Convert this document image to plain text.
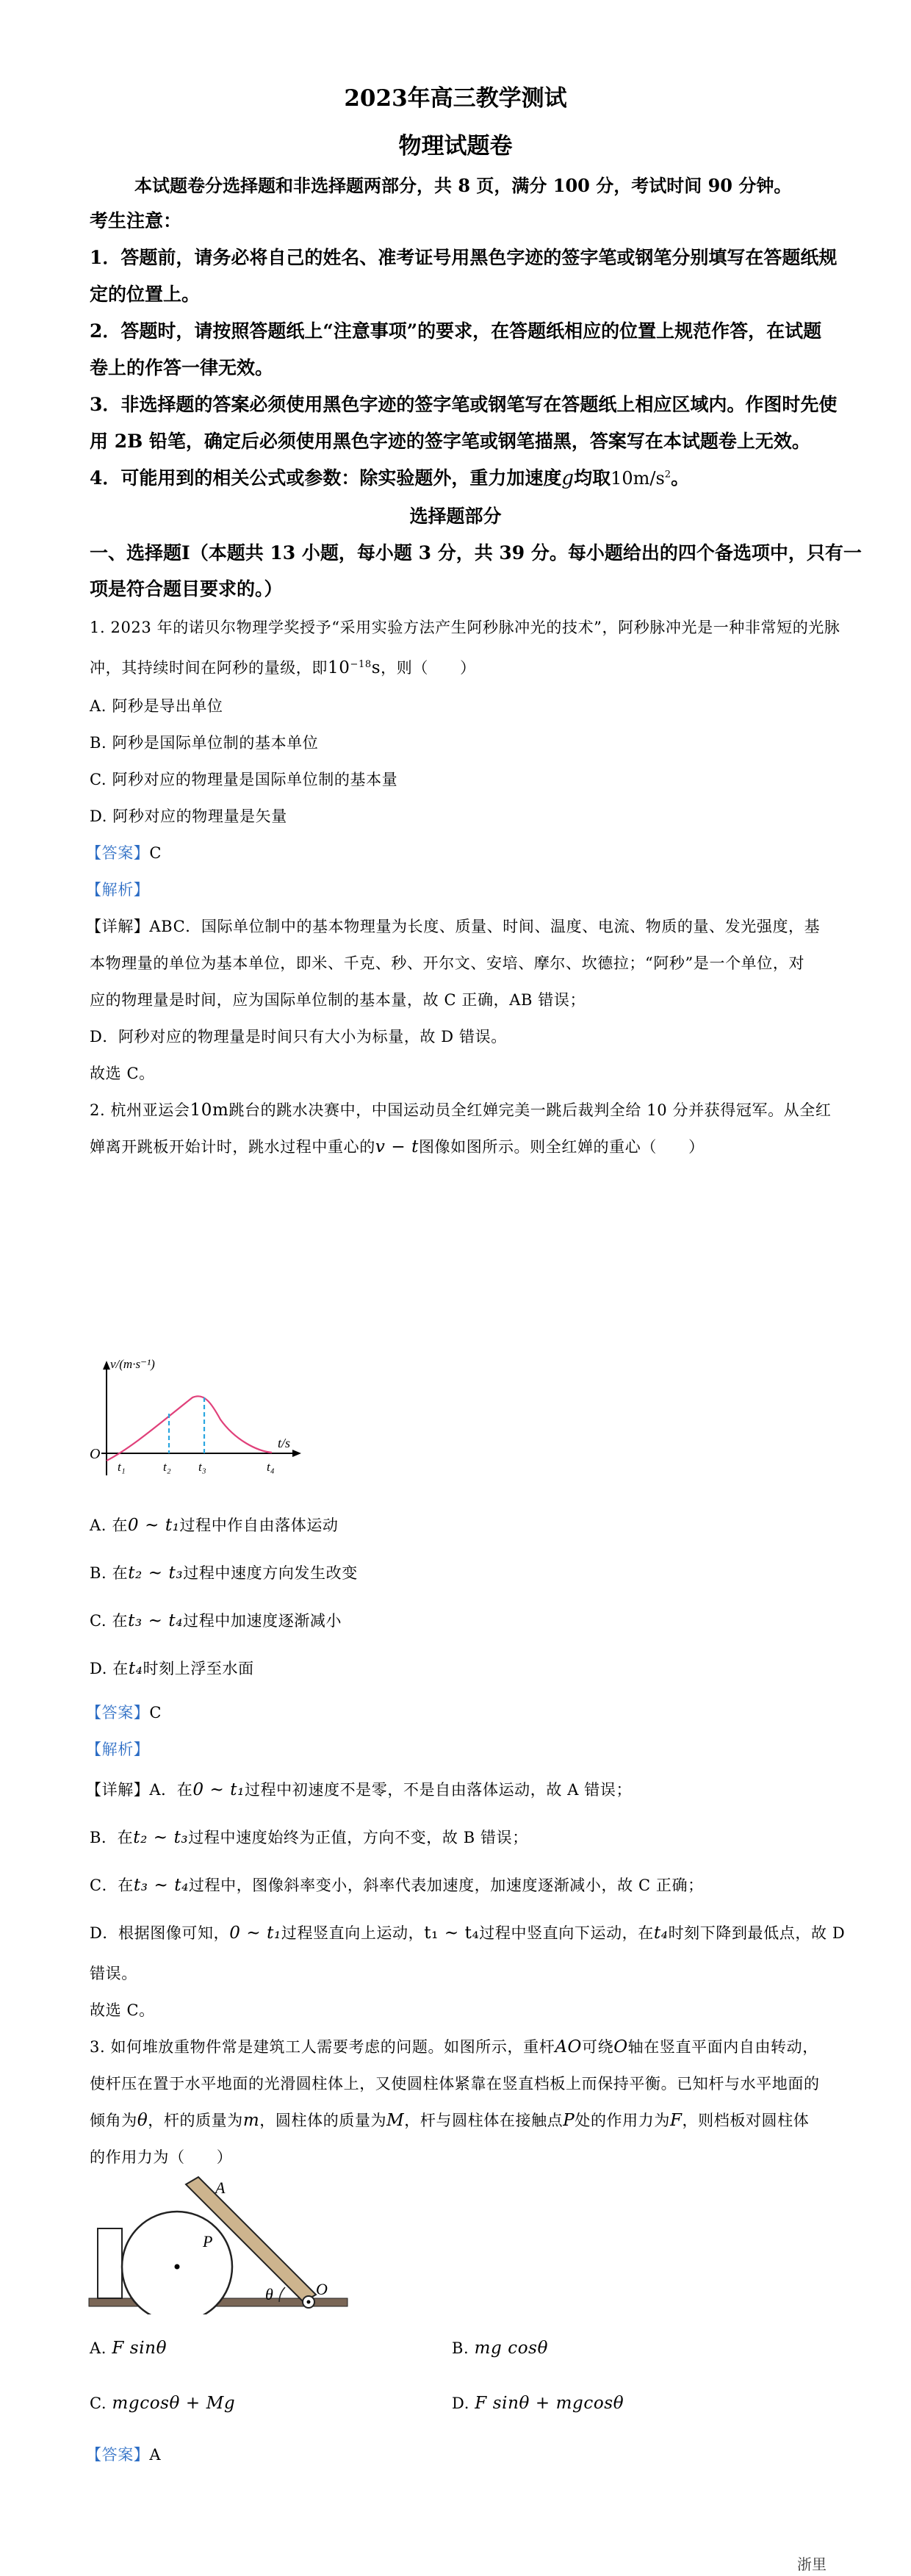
2023年高三教学测试
物理试题卷
本试题卷分选择题和非选择题两部分，共 8 页，满分 100 分，考试时间 90 分钟。
考生注意：
1．答题前，请务必将自己的姓名、准考证号用黑色字迹的签字笔或钢笔分别填写在答题纸规
定的位置上。
2．答题时，请按照答题纸上“注意事项”的要求，在答题纸相应的位置上规范作答，在试题
卷上的作答一律无效。
3．非选择题的答案必须使用黑色字迹的签字笔或钢笔写在答题纸上相应区域内。作图时先使
用 2B 铅笔，确定后必须使用黑色字迹的签字笔或钢笔描黑，答案写在本试题卷上无效。
4．可能用到的相关公式或参数：除实验题外，重力加速度g均取$10m/s^2$。
选择题部分
一、选择题Ⅰ（本题共 13 小题，每小题 3 分，共 39 分。每小题给出的四个备选项中，只有一
项是符合题目要求的。）
1. 2023 年的诺贝尔物理学奖授予“采用实验方法产生阿秒脉冲光的技术”，阿秒脉冲光是一种非常短的光脉
冲，其持续时间在阿秒的量级，即$10^{-18}s$，则（　　）
A. 阿秒是导出单位
B. 阿秒是国际单位制的基本单位
C. 阿秒对应的物理量是国际单位制的基本量
D. 阿秒对应的物理量是矢量
【答案】C
【解析】
【详解】ABC．国际单位制中的基本物理量为长度、质量、时间、温度、电流、物质的量、发光强度，基
本物理量的单位为基本单位，即米、千克、秒、开尔文、安培、摩尔、坎德拉；“阿秒”是一个单位，对
应的物理量是时间，应为国际单位制的基本量，故 C 正确，AB 错误；
D．阿秒对应的物理量是时间只有大小为标量，故 D 错误。
故选 C。
2. 杭州亚运会10m跳台的跳水决赛中，中国运动员全红婵完美一跳后裁判全给 10 分并获得冠军。从全红
婵离开跳板开始计时，跳水过程中重心的v − t图像如图所示。则全红婵的重心（　　）
O
v/(m·s⁻¹)
t/s
t₁	t₂ t₃	t₄
A. 在0 ~ t₁过程中作自由落体运动
B. 在t₂ ~ t₃过程中速度方向发生改变
C. 在t₃ ~ t₄过程中加速度逐渐减小
D. 在t₄时刻上浮至水面
【答案】C
【解析】
【详解】A．在0 ~ t₁过程中初速度不是零，不是自由落体运动，故 A 错误；
B．在t₂ ~ t₃过程中速度始终为正值，方向不变，故 B 错误；
C．在t₃ ~ t₄过程中，图像斜率变小，斜率代表加速度，加速度逐渐减小，故 C 正确；
D．根据图像可知，0 ~ t₁过程竖直向上运动，t₁ ~ t₄过程中竖直向下运动，在t₄时刻下降到最低点，故 D
错误。
故选 C。
3. 如何堆放重物件常是建筑工人需要考虑的问题。如图所示，重杆AO可绕O轴在竖直平面内自由转动，
使杆压在置于水平地面的光滑圆柱体上，又使圆柱体紧靠在竖直档板上而保持平衡。已知杆与水平地面的
倾角为θ，杆的质量为m，圆柱体的质量为M，杆与圆柱体在接触点P处的作用力为F，则档板对圆柱体
的作用力为（　　）
A
P
O
θ
A. F sinθ	B. mg cosθ
C. mgcosθ + Mg	D. F sinθ + mgcosθ
【答案】A
浙里
